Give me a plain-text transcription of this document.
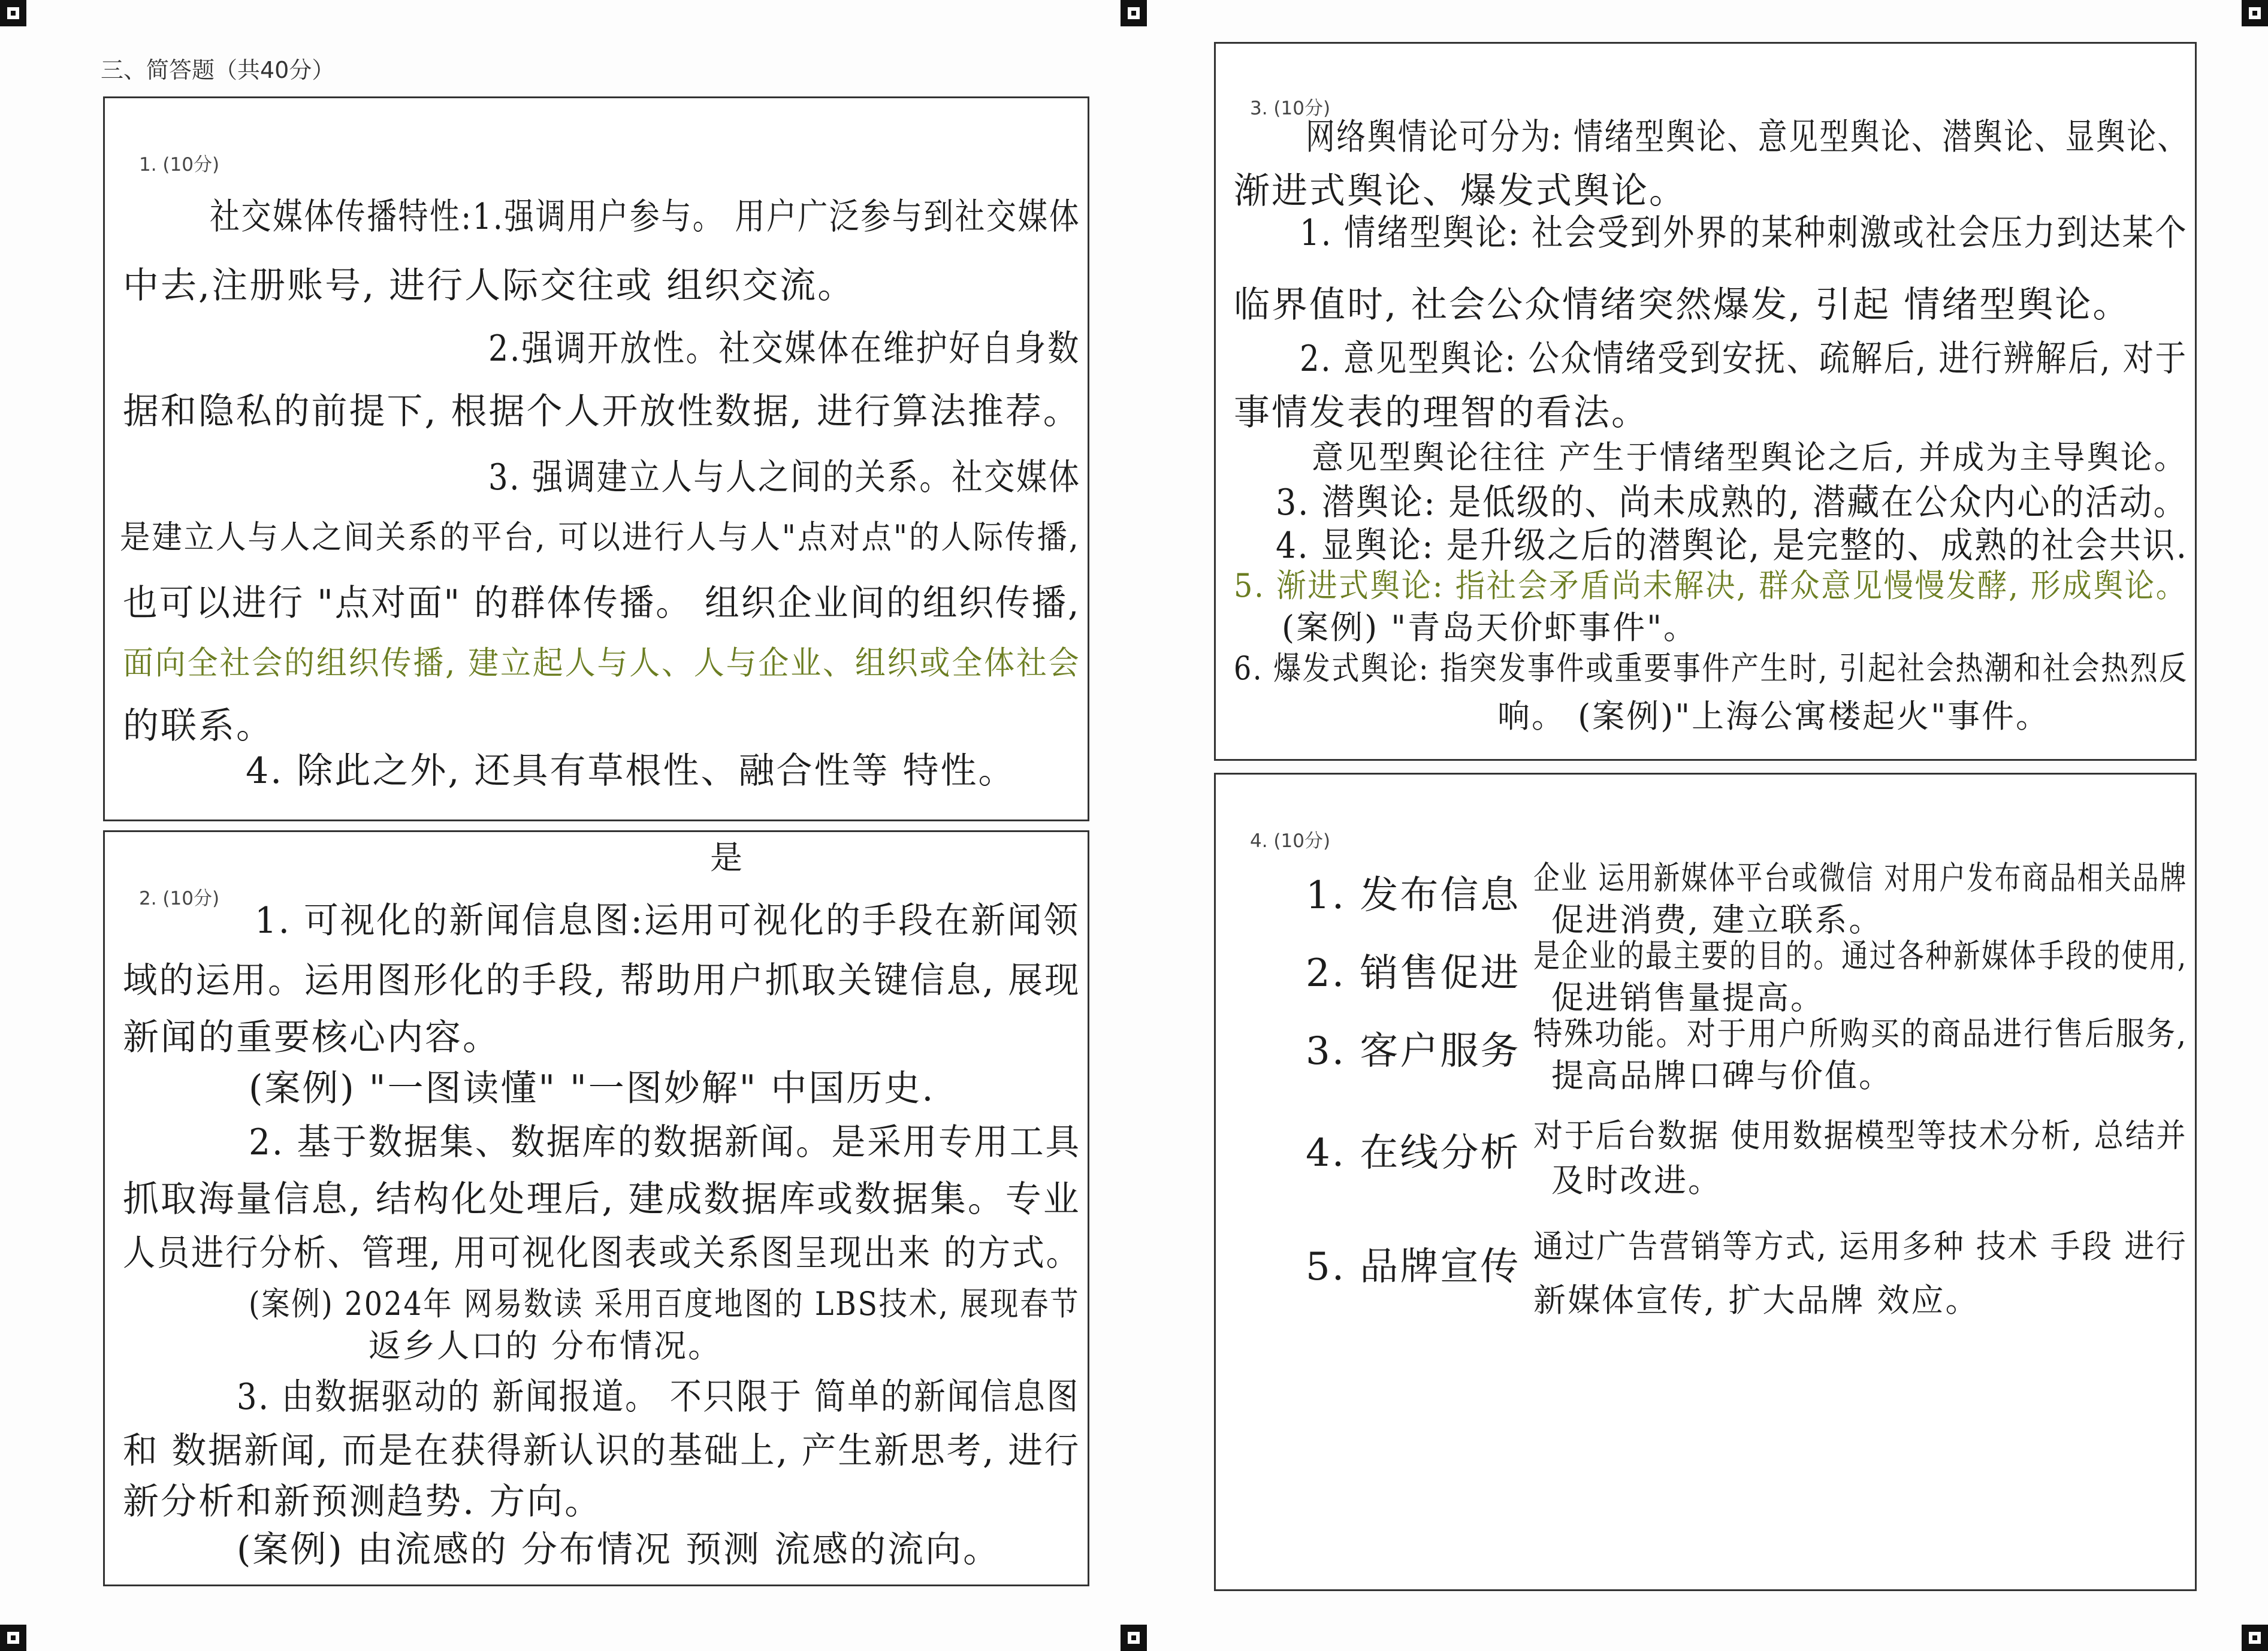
三、简答题（共40分）
1. (10分)
社交媒体传播特性:1.强调用户参与。 用户广泛参与到社交媒体
中去,注册账号, 进行人际交往或 组织交流。
2.强调开放性。社交媒体在维护好自身数
据和隐私的前提下, 根据个人开放性数据, 进行算法推荐。
3. 强调建立人与人之间的关系。社交媒体
是建立人与人之间关系的平台, 可以进行人与人"点对点"的人际传播,
也可以进行 "点对面" 的群体传播。 组织企业间的组织传播,
面向全社会的组织传播, 建立起人与人、人与企业、组织或全体社会
的联系。
4. 除此之外, 还具有草根性、融合性等 特性。
2. (10分)
是
1. 可视化的新闻信息图:运用可视化的手段在新闻领
域的运用。运用图形化的手段, 帮助用户抓取关键信息, 展现
新闻的重要核心内容。
(案例) "一图读懂" "一图妙解" 中国历史.
2. 基于数据集、数据库的数据新闻。是采用专用工具
抓取海量信息, 结构化处理后, 建成数据库或数据集。专业
人员进行分析、管理, 用可视化图表或关系图呈现出来 的方式。
(案例) 2024年 网易数读 采用百度地图的 LBS技术, 展现春节
返乡人口的 分布情况。
3. 由数据驱动的 新闻报道。 不只限于 简单的新闻信息图
和 数据新闻, 而是在获得新认识的基础上, 产生新思考, 进行
新分析和新预测趋势. 方向。
(案例) 由流感的 分布情况 预测 流感的流向。
3. (10分)
网络舆情论可分为: 情绪型舆论、意见型舆论、潜舆论、显舆论、
渐进式舆论、爆发式舆论。
1. 情绪型舆论: 社会受到外界的某种刺激或社会压力到达某个
临界值时, 社会公众情绪突然爆发, 引起 情绪型舆论。
2. 意见型舆论: 公众情绪受到安抚、疏解后, 进行辨解后, 对于
事情发表的理智的看法。
意见型舆论往往 产生于情绪型舆论之后, 并成为主导舆论。
3. 潜舆论: 是低级的、尚未成熟的, 潜藏在公众内心的活动。
4. 显舆论: 是升级之后的潜舆论, 是完整的、成熟的社会共识.
5. 渐进式舆论: 指社会矛盾尚未解决, 群众意见慢慢发酵, 形成舆论。
(案例) "青岛天价虾事件"。
6. 爆发式舆论: 指突发事件或重要事件产生时, 引起社会热潮和社会热烈反
响。 (案例)"上海公寓楼起火"事件。
4. (10分)
1. 发布信息 企业 运用新媒体平台或微信 对用户发布商品相关品牌
促进消费, 建立联系。
2. 销售促进 是企业的最主要的目的。通过各种新媒体手段的使用,
促进销售量提高。
3. 客户服务 特殊功能。对于用户所购买的商品进行售后服务,
提高品牌口碑与价值。
4. 在线分析 对于后台数据 使用数据模型等技术分析, 总结并
及时改进。
5. 品牌宣传 通过广告营销等方式, 运用多种 技术 手段 进行
新媒体宣传, 扩大品牌 效应。
